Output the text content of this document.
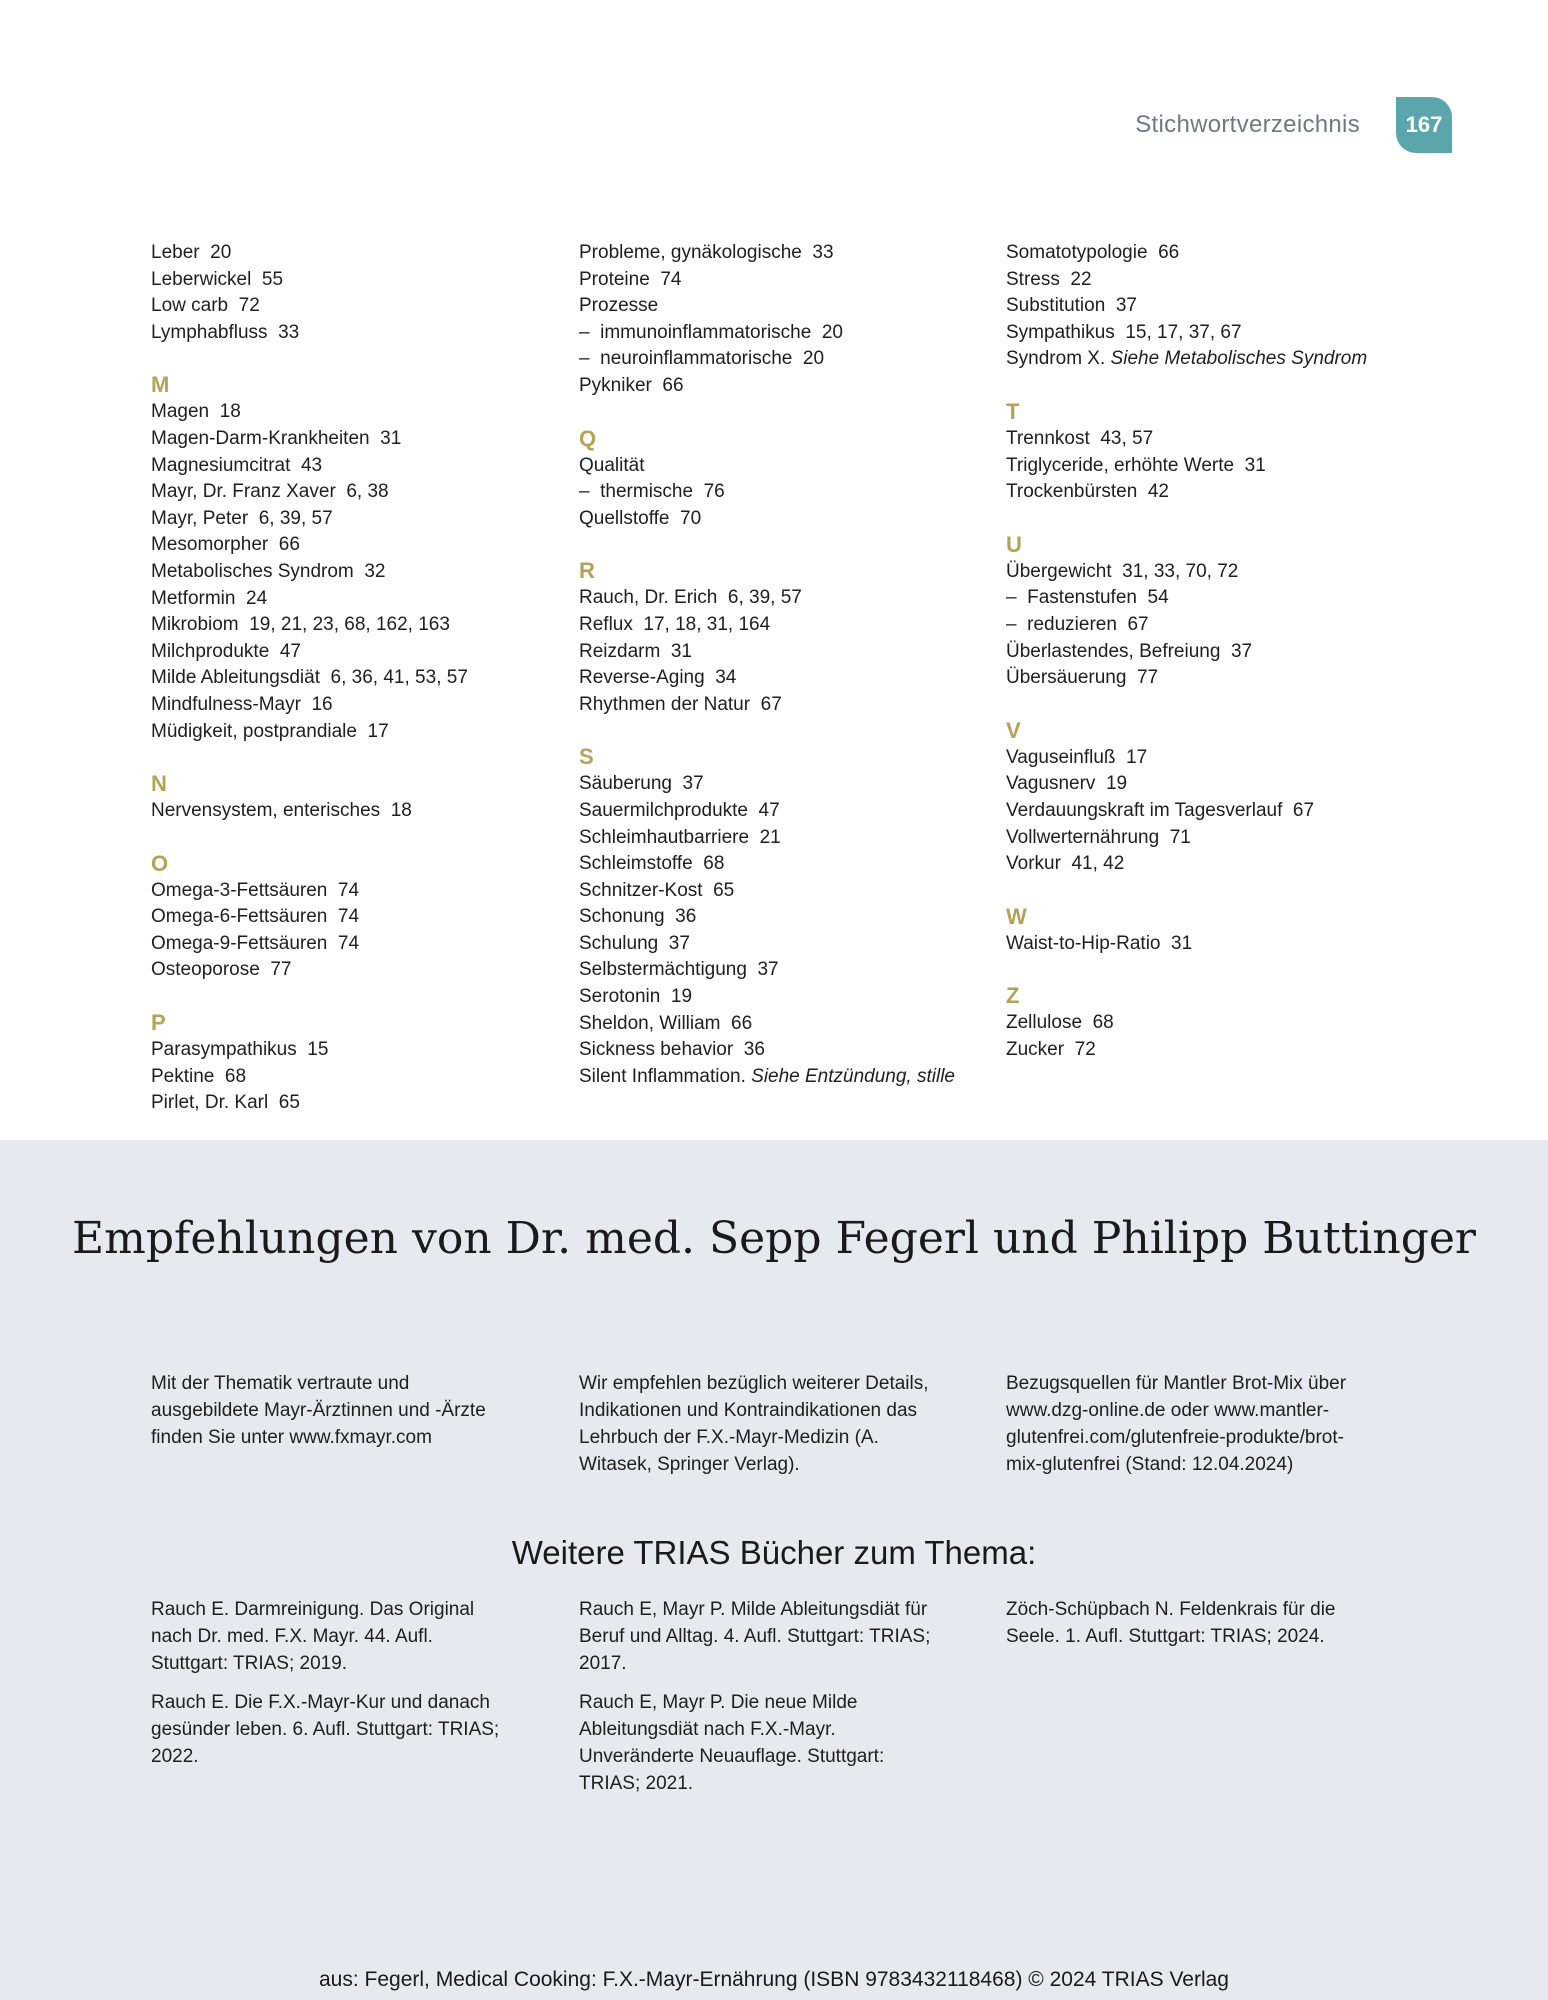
Stichwortverzeichnis	167
Leber  20
Leberwickel  55
Low carb  72
Lymphabfluss  33
M
Magen  18
Magen-Darm-Krankheiten  31
Magnesiumcitrat  43
Mayr, Dr. Franz Xaver  6, 38
Mayr, Peter  6, 39, 57
Mesomorpher  66
Metabolisches Syndrom  32
Metformin  24
Mikrobiom  19, 21, 23, 68, 162, 163
Milchprodukte  47
Milde Ableitungsdiät  6, 36, 41, 53, 57
Mindfulness-Mayr  16
Müdigkeit, postprandiale  17
N
Nervensystem, enterisches  18
O
Omega-3-Fettsäuren  74
Omega-6-Fettsäuren  74
Omega-9-Fettsäuren  74
Osteoporose  77
P
Parasympathikus  15
Pektine  68
Pirlet, Dr. Karl  65
Probleme, gynäkologische  33
Proteine  74
Prozesse
–  immunoinflammatorische  20
–  neuroinflammatorische  20
Pykniker  66
Q
Qualität
–  thermische  76
Quellstoffe  70
R
Rauch, Dr. Erich  6, 39, 57
Reflux  17, 18, 31, 164
Reizdarm  31
Reverse-Aging  34
Rhythmen der Natur  67
S
Säuberung  37
Sauermilchprodukte  47
Schleimhautbarriere  21
Schleimstoffe  68
Schnitzer-Kost  65
Schonung  36
Schulung  37
Selbstermächtigung  37
Serotonin  19
Sheldon, William  66
Sickness behavior  36
Silent Inflammation. Siehe Entzündung, stille
Somatotypologie  66
Stress  22
Substitution  37
Sympathikus  15, 17, 37, 67
Syndrom X. Siehe Metabolisches Syndrom
T
Trennkost  43, 57
Triglyceride, erhöhte Werte  31
Trockenbürsten  42
U
Übergewicht  31, 33, 70, 72
–  Fastenstufen  54
–  reduzieren  67
Überlastendes, Befreiung  37
Übersäuerung  77
V
Vaguseinfluß  17
Vagusnerv  19
Verdauungskraft im Tagesverlauf  67
Vollwerternährung  71
Vorkur  41, 42
W
Waist-to-Hip-Ratio  31
Z
Zellulose  68
Zucker  72
Empfehlungen von Dr. med. Sepp Fegerl und Philipp Buttinger
Mit der Thematik vertraute und ausgebildete Mayr-Ärztinnen und -Ärzte finden Sie unter www.fxmayr.com
Wir empfehlen bezüglich weiterer Details, Indikationen und Kontraindikationen das Lehrbuch der F.X.-Mayr-Medizin (A. Witasek, Springer Verlag).
Bezugsquellen für Mantler Brot-Mix über www.dzg-online.de oder www.mantler-glutenfrei.com/glutenfreie-produkte/brot-mix-glutenfrei (Stand: 12.04.2024)
Weitere TRIAS Bücher zum Thema:

Rauch E. Darmreinigung. Das Original nach Dr. med. F.X. Mayr. 44. Aufl. Stuttgart: TRIAS; 2019.

Rauch E. Die F.X.-Mayr-Kur und danach gesünder leben. 6. Aufl. Stuttgart: TRIAS; 2022.

Rauch E, Mayr P. Milde Ableitungsdiät für Beruf und Alltag. 4. Aufl. Stuttgart: TRIAS; 2017.

Rauch E, Mayr P. Die neue Milde Ableitungsdiät nach F.X.-Mayr. Unveränderte Neuauflage. Stuttgart: TRIAS; 2021.

Zöch-Schüpbach N. Feldenkrais für die Seele. 1. Aufl. Stuttgart: TRIAS; 2024.

aus: Fegerl, Medical Cooking: F.X.-Mayr-Ernährung (ISBN 9783432118468) © 2024 TRIAS Verlag
